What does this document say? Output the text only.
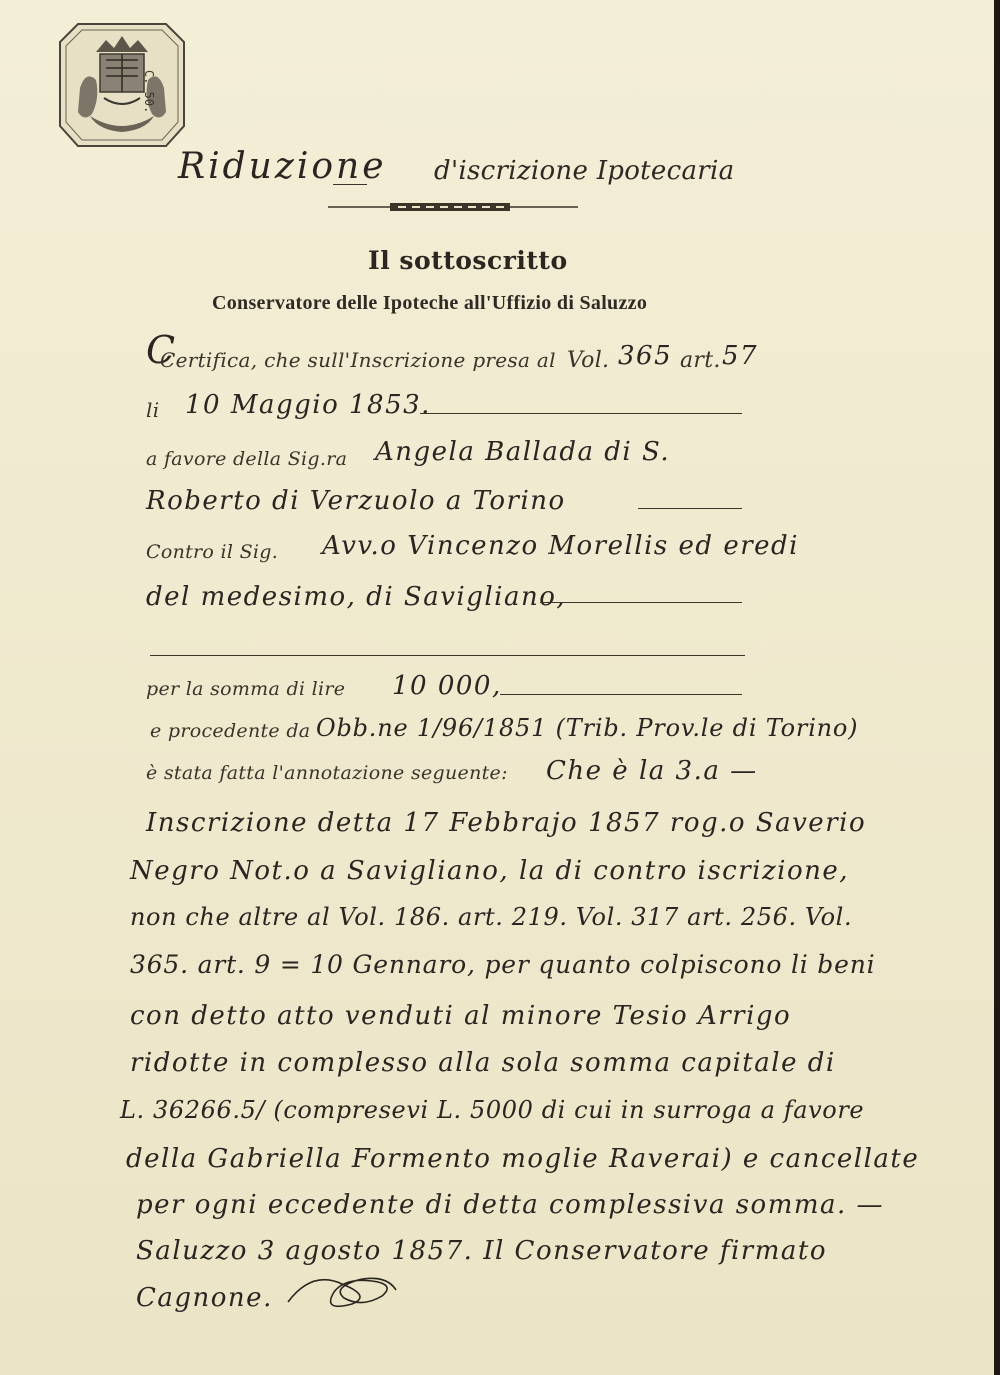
C. 50.
Riduzione d'iscrizione Ipotecaria
Il sottoscritto
Conservatore delle Ipoteche all'Uffizio di Saluzzo
C
Certifica, che sull'Inscrizione presa al Vol. 365 art. 57
li 10 Maggio 1853.
a favore della Sig.ra Angela Ballada di S.
Roberto di Verzuolo a Torino
Contro il Sig. Avv.o Vincenzo Morellis ed eredi
del medesimo, di Savigliano,
per la somma di lire 10 000,
e procedente da Obb.ne 1/96/1851 (Trib. Prov.le di Torino)
è stata fatta l'annotazione seguente: Che è la 3.a —
Inscrizione detta 17 Febbrajo 1857 rog.o Saverio
Negro Not.o a Savigliano, la di contro iscrizione,
non che altre al Vol. 186. art. 219. Vol. 317 art. 256. Vol.
365. art. 9 = 10 Gennaro, per quanto colpiscono li beni
con detto atto venduti al minore Tesio Arrigo
ridotte in complesso alla sola somma capitale di
L. 36266.5/ (compresevi L. 5000 di cui in surroga a favore
della Gabriella Formento moglie Raverai) e cancellate
per ogni eccedente di detta complessiva somma. —
Saluzzo 3 agosto 1857. Il Conservatore firmato
Cagnone.
